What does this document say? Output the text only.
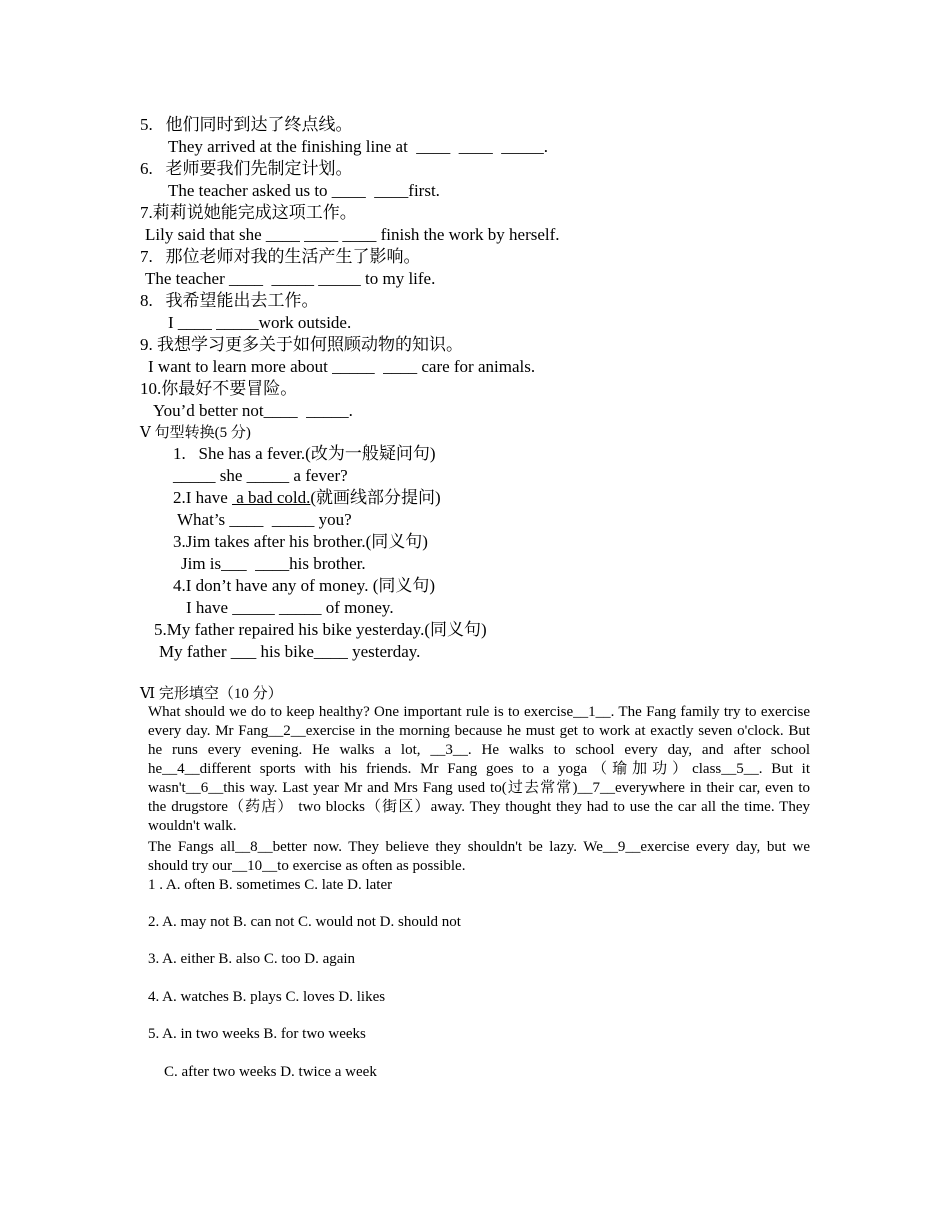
5.   他们同时到达了终点线。
They arrived at the finishing line at  ____  ____  _____.
6.   老师要我们先制定计划。
The teacher asked us to ____  ____first.
7.莉莉说她能完成这项工作。
Lily said that she ____ ____ ____ finish the work by herself.
7.   那位老师对我的生活产生了影响。
The teacher ____  _____ _____ to my life.
8.   我希望能出去工作。
I ____ _____work outside.
9. 我想学习更多关于如何照顾动物的知识。
I want to learn more about _____  ____ care for animals.
10.你最好不要冒险。
You’d better not____  _____.
Ⅴ 句型转换(5 分)
1.   She has a fever.(改为一般疑问句)
_____ she _____ a fever?
2.I have  a bad cold.(就画线部分提问)
What’s ____  _____ you?
3.Jim takes after his brother.(同义句)
Jim is___  ____his brother.
4.I don’t have any of money. (同义句)
I have _____ _____ of money.
5.My father repaired his bike yesterday.(同义句)
My father ___ his bike____ yesterday.
Ⅵ 完形填空（10 分）
What should we do to keep healthy? One important rule is to exercise__1__. The Fang family try to exercise every day. Mr Fang__2__exercise in the morning because he must get to work at exactly seven o'clock. But he runs every evening. He walks a lot, __3__. He walks to school every day, and after school he__4__different sports with his friends. Mr Fang goes to a yoga（瑜加功）class__5__. But it wasn't__6__this way. Last year Mr and Mrs Fang used to(过去常常)__7__everywhere in their car, even to the drugstore（药店） two blocks（街区）away. They thought they had to use the car all the time. They wouldn't walk.
The Fangs all__8__better now. They believe they shouldn't be lazy. We__9__exercise every day, but we should try our__10__to exercise as often as possible.
1 . A. often B. sometimes C. late D. later
2. A. may not B. can not C. would not D. should not
3. A. either B. also C. too D. again
4. A. watches B. plays C. loves D. likes
5. A. in two weeks B. for two weeks
C. after two weeks D. twice a week
